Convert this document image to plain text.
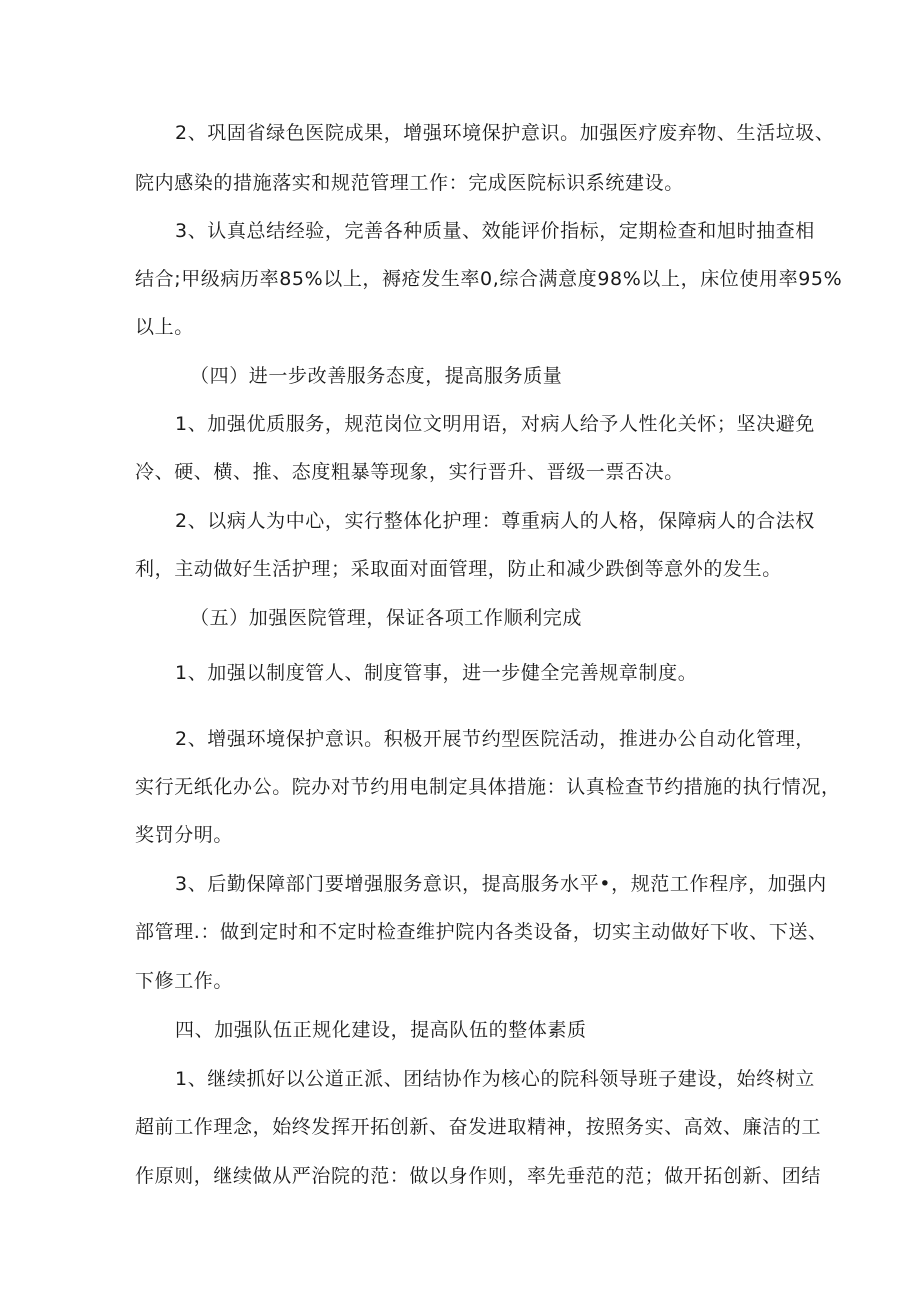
2、巩固省绿色医院成果，增强环境保护意识。加强医疗废弃物、生活垃圾、
院内感染的措施落实和规范管理工作：完成医院标识系统建设。
3、认真总结经验，完善各种质量、效能评价指标，定期检查和旭时抽查相
结合;甲级病历率85%以上，褥疮发生率0,综合满意度98%以上，床位使用率95%
以上。
（四）进一步改善服务态度，提高服务质量
1、加强优质服务，规范岗位文明用语，对病人给予人性化关怀；坚决避免
冷、硬、横、推、态度粗暴等现象，实行晋升、晋级一票否决。
2、以病人为中心，实行整体化护理：尊重病人的人格，保障病人的合法权
利，主动做好生活护理；采取面对面管理，防止和减少跌倒等意外的发生。
（五）加强医院管理，保证各项工作顺利完成
1、加强以制度管人、制度管事，进一步健全完善规章制度。
2、增强环境保护意识。积极开展节约型医院活动，推进办公自动化管理，
实行无纸化办公。院办对节约用电制定具体措施：认真检查节约措施的执行情况，
奖罚分明。
3、后勤保障部门要增强服务意识，提高服务水平•，规范工作程序，加强内
部管理.：做到定时和不定时检查维护院内各类设备，切实主动做好下收、下送、
下修工作。
四、加强队伍正规化建设，提高队伍的整体素质
1、继续抓好以公道正派、团结协作为核心的院科领导班子建设，始终树立
超前工作理念，始终发挥开拓创新、奋发进取精神，按照务实、高效、廉洁的工
作原则，继续做从严治院的范：做以身作则，率先垂范的范；做开拓创新、团结
